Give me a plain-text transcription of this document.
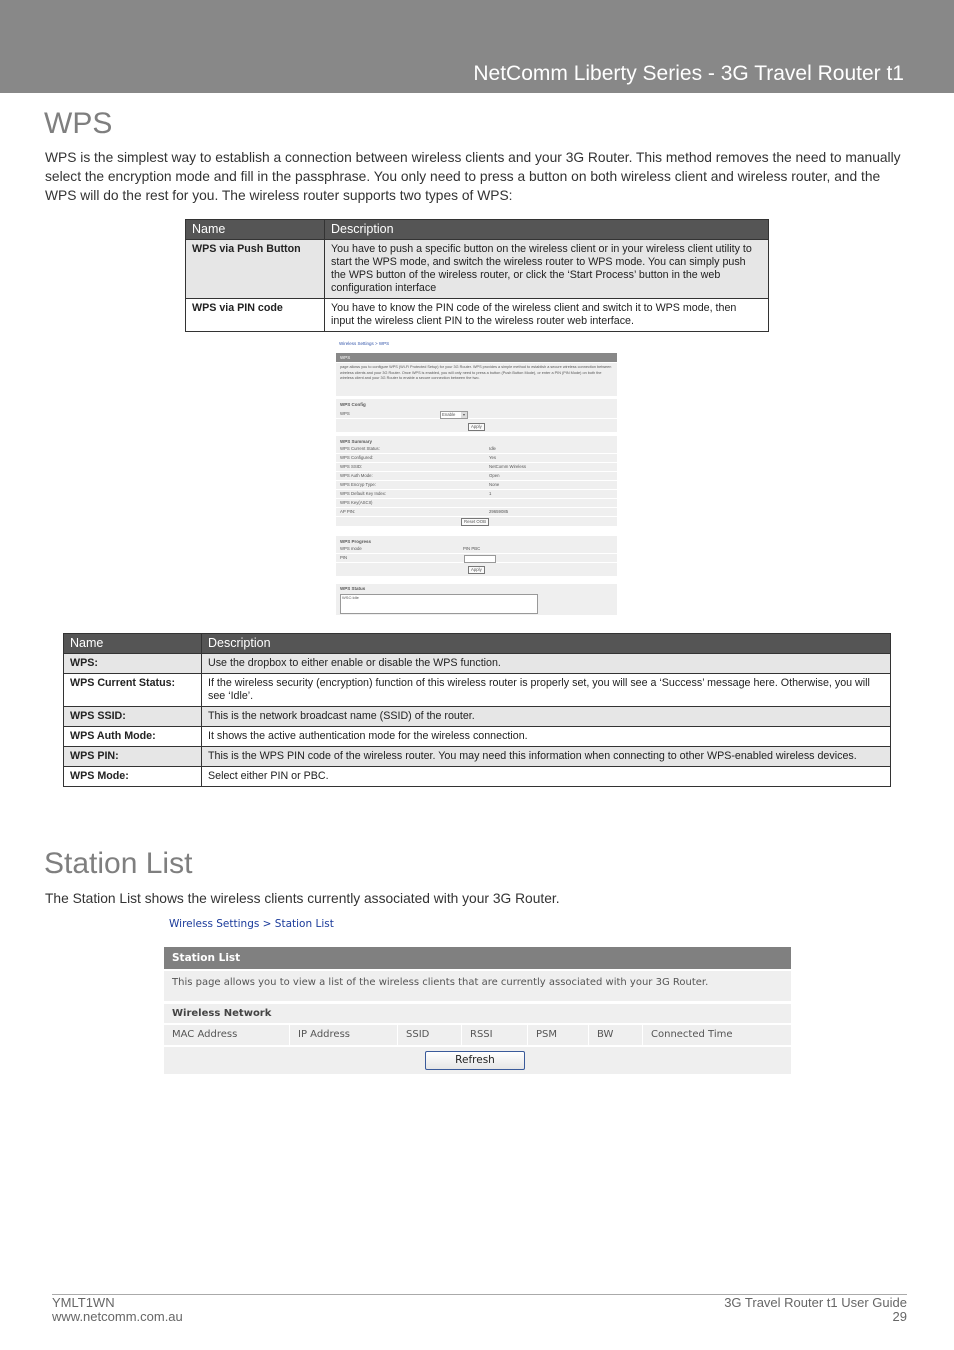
NetComm Liberty Series - 3G Travel Router t1
WPS

WPS is the simplest way to establish a connection between wireless clients and your 3G Router. This method removes the need to manually select the encryption mode and fill in the passphrase. You only need to press a button on both wireless client and wireless router, and the WPS will do the rest for you. The wireless router supports two types of WPS:

Name	Description
WPS via Push Button	You have to push a specific button on the wireless client or in your wireless client utility to start the WPS mode, and switch the wireless router to WPS mode. You can simply push the WPS button of the wireless router, or click the ‘Start Process’ button in the web configuration interface
WPS via PIN code	You have to know the PIN code of the wireless client and switch it to WPS mode, then input the wireless client PIN to the wireless router web interface.
Wireless Settings > WPS
WPS
page allows you to configure WPS (Wi-Fi Protected Setup) for your 3G Router. WPS provides a simple method to establish a secure wireless connection between wireless clients and your 3G Router. Once WPS is enabled, you will only need to press a button (Push Button Mode), or enter a PIN (PIN Mode) on both the wireless client and your 3G Router to enable a secure connection between the two.
WPS Config
WPS	Enable	▼
Apply
WPS Summary
WPS Current Status:	Idle
WPS Configured:	Yes
WPS SSID:	NetComm Wireless
WPS Auth Mode:	Open
WPS Encryp Type:	None
WPS Default Key Index:	1
WPS Key(ASCII)
AP PIN:	29659085
Reset OOB
WPS Progress
WPS mode	PIN PBC
PIN
Apply
WPS Status
WSC:Idle
Name	Description
WPS:	Use the dropbox to either enable or disable the WPS function.
WPS Current Status:	If the wireless security (encryption) function of this wireless router is properly set, you will see a ‘Success’ message here. Otherwise, you will see ‘Idle’.
WPS SSID:	This is the network broadcast name (SSID) of the router.
WPS Auth Mode:	It shows the active authentication mode for the wireless connection.
WPS PIN:	This is the WPS PIN code of the wireless router. You may need this information when connecting to other WPS-enabled wireless devices.
WPS Mode:	Select either PIN or PBC.
Station List

The Station List shows the wireless clients currently associated with your 3G Router.

Wireless Settings > Station List
Station List
This page allows you to view a list of the wireless clients that are currently associated with your 3G Router.
Wireless Network
MAC Address	IP Address	SSID	RSSI	PSM	BW	Connected Time
Refresh
YMLT1WN
www.netcomm.com.au
3G Travel Router t1 User Guide
29
